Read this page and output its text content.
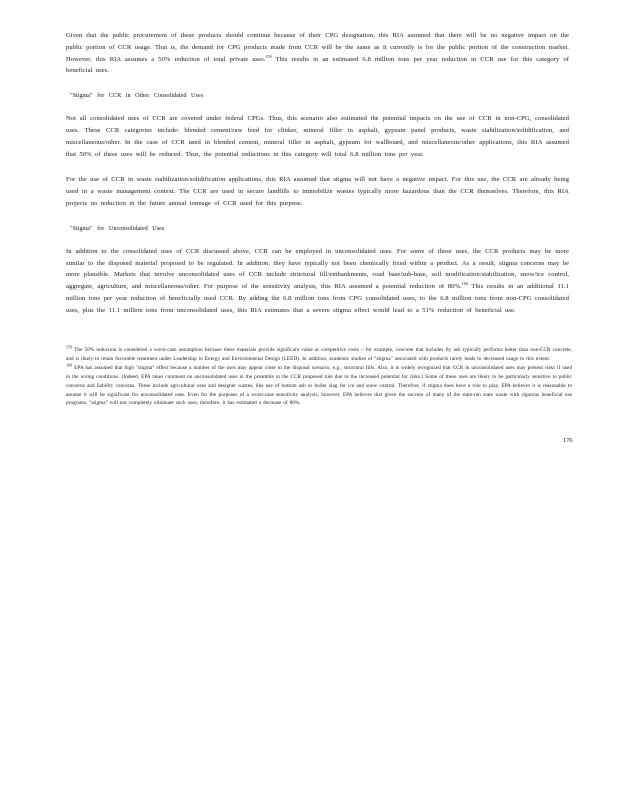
Given that the public procurement of these products should continue because of their CPG designation, this RIA assumed that there will be no negative impact on the public portion of CCR usage. That is, the demand for CPG products made from CCR will be the same as it currently is for the public portion of the construction market. However, this RIA assumes a 50% reduction of total private uses.$^{159}$ This results in an estimated 6.8 million tons per year reduction in CCR use for this category of beneficial uses.

"Stigma" for CCR in Other Consolidated Uses

Not all consolidated uses of CCR are covered under federal CPGs. Thus, this scenario also estimated the potential impacts on the use of CCR in non-CPG, consolidated uses. These CCR categories include: blended cement/raw feed for clinker, mineral filler in asphalt, gypsum panel products, waste stabilization/solidification, and miscellaneous/other. In the case of CCR used in blended cement, mineral filler in asphalt, gypsum for wallboard, and miscellaneous/other applications, this RIA assumed that 50% of these uses will be reduced. Thus, the potential reductions in this category will total 6.8 million tons per year.

For the use of CCR in waste stabilization/solidification applications, this RIA assumed that stigma will not have a negative impact. For this use, the CCR are already being used in a waste management context. The CCR are used in secure landfills to immobilize wastes typically more hazardous than the CCR themselves. Therefore, this RIA projects no reduction in the future annual tonnage of CCR used for this purpose.

"Stigma" for Unconsolidated Uses

In addition to the consolidated uses of CCR discussed above, CCR can be employed in unconsolidated uses. For some of these uses, the CCR products may be more similar to the disposed material proposed to be regulated. In addition, they have typically not been chemically fixed within a product. As a result, stigma concerns may be more plausible. Markets that involve unconsolidated uses of CCR include structural fill/embankments, road base/sub-base, soil modification/stabilization, snow/ice control, aggregate, agriculture, and miscellaneous/other. For purpose of the sensitivity analysis, this RIA assumed a potential reduction of 80%.$^{160}$ This results in an additional 11.1 million tons per year reduction of beneficially used CCR. By adding the 6.8 million tons from CPG consolidated uses, to the 6.8 million tons from non-CPG consolidated uses, plus the 11.1 million tons from unconsolidated uses, this RIA estimates that a severe stigma effect would lead to a 51% reduction of beneficial use.

$^{159}$ The 50% reduction is considered a worst-case assumption because these materials provide significant value at competitive costs – for example, concrete that includes fly ash typically performs better than non-CCR concrete, and is likely to retain favorable treatment under Leadership in Energy and Environmental Design (LEED). In addition, academic studies of "stigma" associated with products rarely leads to decreased usage to this extent.

$^{160}$ EPA has assumed that high "stigma" effect because a number of the uses may appear close to the disposal scenario, e.g., structural fills. Also, it is widely recognized that CCR in unconsolidated uses may present risks if used in the wrong conditions. (Indeed, EPA takes comment on unconsolidated uses in the preamble to the CCR proposed rule due to the increased potential for risks.) Some of these uses are likely to be particularly sensitive to public concerns and liability concerns. These include agricultural uses and designer wastes, like use of bottom ash or boiler slag for ice and snow control. Therefore, if stigma does have a role to play, EPA believes it is reasonable to assume it will be significant for unconsolidated uses. Even for the purposes of a worst-case sensitivity analysis, however, EPA believes that given the success of many of the state-run state waste with rigorous beneficial use programs, "stigma" will not completely eliminate such uses; therefore, it has estimated a decrease of 80%.

176
